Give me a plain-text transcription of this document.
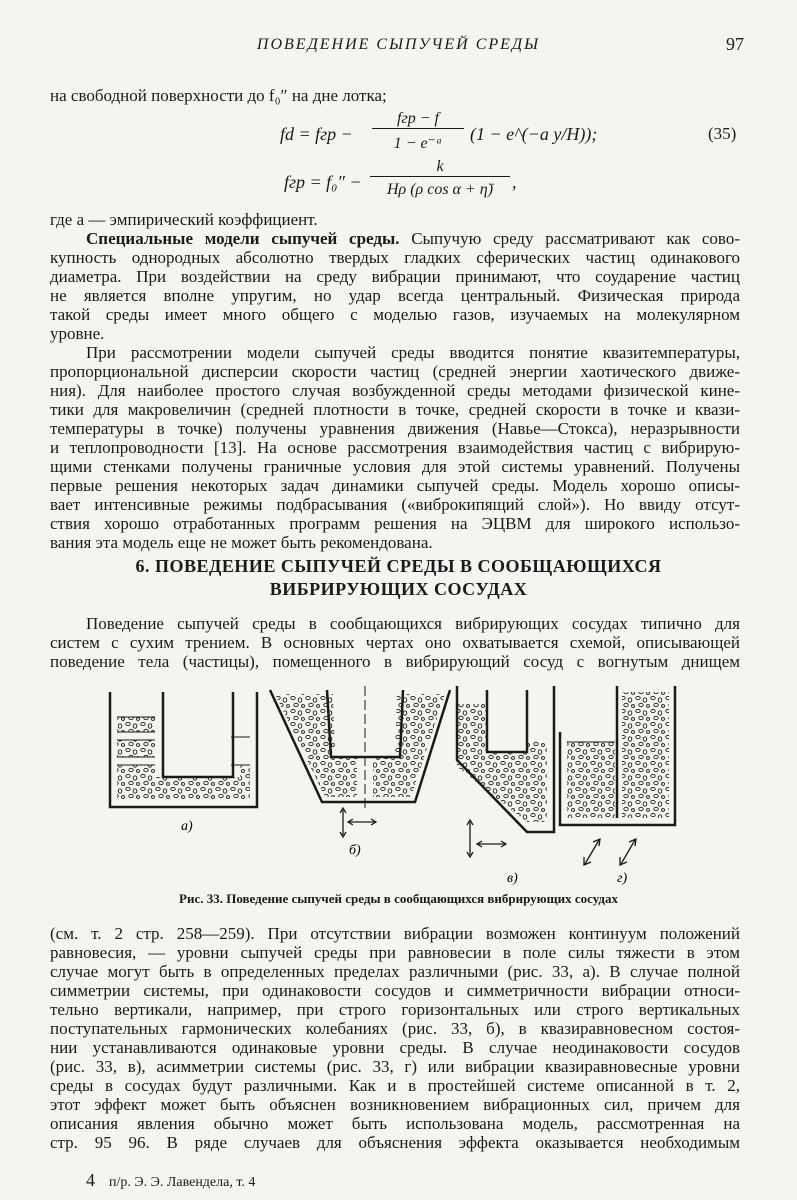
ПОВЕДЕНИЕ СЫПУЧЕЙ СРЕДЫ	97
на свободной поверхности до f₀″ на дне лотка;
fd = fгр −
fгр − f
1 − e⁻ᵃ	(1 − e^(−a y/H));	(35)
fгр = f₀″ −
k
Hρ (ρ cos α + η̈)	,
где a — эмпирический коэффициент.
Специальные модели сыпучей среды. Сыпучую среду рассматривают как сово-
купность однородных абсолютно твердых гладких сферических частиц одинакового
диаметра. При воздействии на среду вибрации принимают, что соударение частиц
не является вполне упругим, но удар всегда центральный. Физическая природа
такой среды имеет много общего с моделью газов, изучаемых на молекулярном
уровне.
При рассмотрении модели сыпучей среды вводится понятие квазитемпературы,
пропорциональной дисперсии скорости частиц (средней энергии хаотического движе-
ния). Для наиболее простого случая возбужденной среды методами физической кине-
тики для макровеличин (средней плотности в точке, средней скорости в точке и квази-
температуры в точке) получены уравнения движения (Навье—Стокса), неразрывности
и теплопроводности [13]. На основе рассмотрения взаимодействия частиц с вибрирую-
щими стенками получены граничные условия для этой системы уравнений. Получены
первые решения некоторых задач динамики сыпучей среды. Модель хорошо описы-
вает интенсивные режимы подбрасывания («виброкипящий слой»). Но ввиду отсут-
ствия хорошо отработанных программ решения на ЭЦВМ для широкого использо-
вания эта модель еще не может быть рекомендована.
6. ПОВЕДЕНИЕ СЫПУЧЕЙ СРЕДЫ В СООБЩАЮЩИХСЯ
ВИБРИРУЮЩИХ СОСУДАХ
Поведение сыпучей среды в сообщающихся вибрирующих сосудах типично для
систем с сухим трением. В основных чертах оно охватывается схемой, описывающей
поведение тела (частицы), помещенного в вибрирующий сосуд с вогнутым днищем
а)
б)
в)	г)
Рис. 33. Поведение сыпучей среды в сообщающихся вибрирующих сосудах
(см. т. 2 стр. 258—259). При отсутствии вибрации возможен континуум положений
равновесия, — уровни сыпучей среды при равновесии в поле силы тяжести в этом
случае могут быть в определенных пределах различными (рис. 33, а). В случае полной
симметрии системы, при одинаковости сосудов и симметричности вибрации относи-
тельно вертикали, например, при строго горизонтальных или строго вертикальных
поступательных гармонических колебаниях (рис. 33, б), в квазиравновесном состоя-
нии устанавливаются одинаковые уровни среды. В случае неодинаковости сосудов
(рис. 33, в), асимметрии системы (рис. 33, г) или вибрации квазиравновесные уровни
среды в сосудах будут различными. Как и в простейшей системе описанной в т. 2,
этот эффект может быть объяснен возникновением вибрационных сил, причем для
описания явления обычно может быть использована модель, рассмотренная на
стр. 95 96. В ряде случаев для объяснения эффекта оказывается необходимым
4 п/р. Э. Э. Лавендела, т. 4
